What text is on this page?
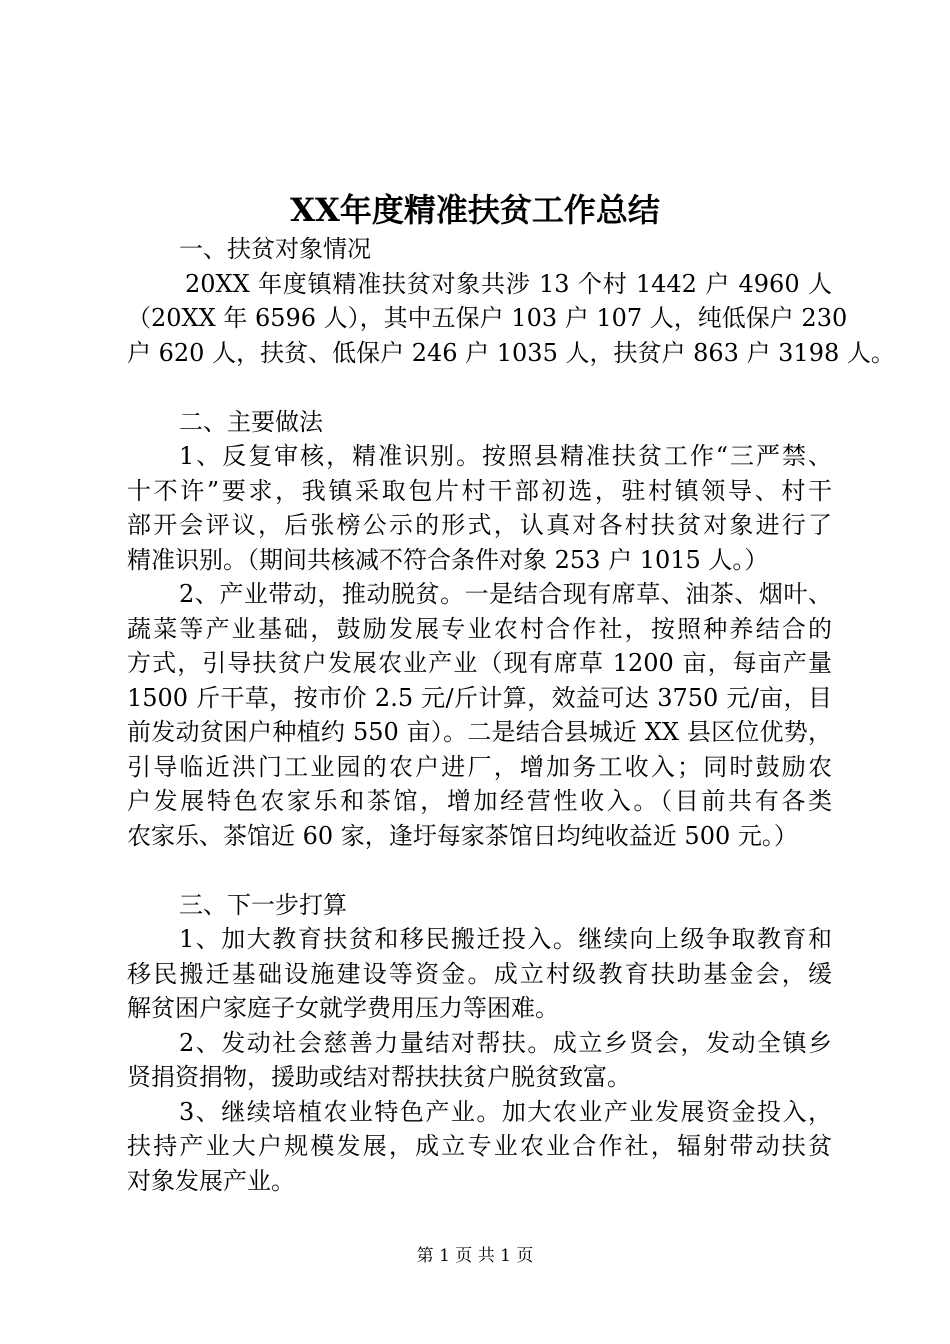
XX年度精准扶贫工作总结
一、扶贫对象情况
20XX 年度镇精准扶贫对象共涉 13 个村 1442 户 4960 人
（20XX 年 6596 人），其中五保户 103 户 107 人，纯低保户 230
户 620 人，扶贫、低保户 246 户 1035 人，扶贫户 863 户 3198 人。
二、主要做法
1、反复审核，精准识别。按照县精准扶贫工作“三严禁、
十不许”要求，我镇采取包片村干部初选，驻村镇领导、村干
部开会评议，后张榜公示的形式，认真对各村扶贫对象进行了
精准识别。（期间共核减不符合条件对象 253 户 1015 人。）
2、产业带动，推动脱贫。一是结合现有席草、油茶、烟叶、
蔬菜等产业基础，鼓励发展专业农村合作社，按照种养结合的
方式，引导扶贫户发展农业产业（现有席草 1200 亩，每亩产量
1500 斤干草，按市价 2.5 元/斤计算，效益可达 3750 元/亩，目
前发动贫困户种植约 550 亩）。二是结合县城近 XX 县区位优势，
引导临近洪门工业园的农户进厂，增加务工收入；同时鼓励农
户发展特色农家乐和茶馆，增加经营性收入。（目前共有各类
农家乐、茶馆近 60 家，逢圩每家茶馆日均纯收益近 500 元。）
三、下一步打算
1、加大教育扶贫和移民搬迁投入。继续向上级争取教育和
移民搬迁基础设施建设等资金。成立村级教育扶助基金会，缓
解贫困户家庭子女就学费用压力等困难。
2、发动社会慈善力量结对帮扶。成立乡贤会，发动全镇乡
贤捐资捐物，援助或结对帮扶扶贫户脱贫致富。
3、继续培植农业特色产业。加大农业产业发展资金投入，
扶持产业大户规模发展，成立专业农业合作社，辐射带动扶贫
对象发展产业。
第 1 页 共 1 页
